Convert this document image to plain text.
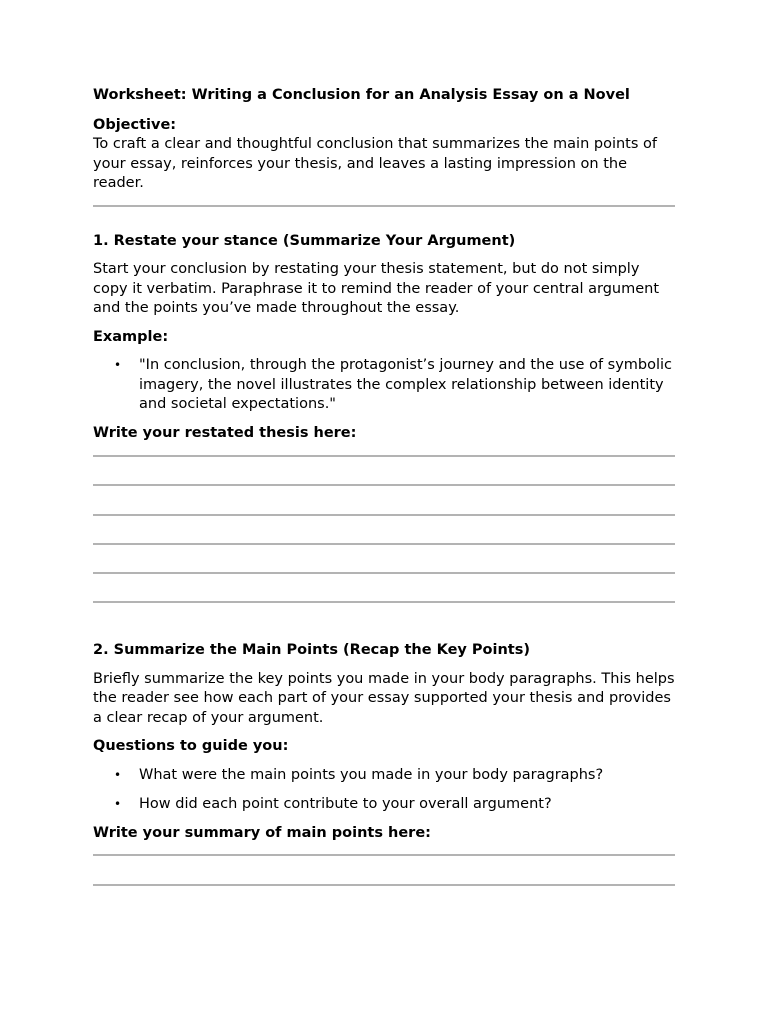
Worksheet: Writing a Conclusion for an Analysis Essay on a Novel

Objective:

To craft a clear and thoughtful conclusion that summarizes the main points of your essay, reinforces your thesis, and leaves a lasting impression on the reader.

1. Restate your stance (Summarize Your Argument)

Start your conclusion by restating your thesis statement, but do not simply copy it verbatim. Paraphrase it to remind the reader of your central argument and the points you’ve made throughout the essay.

Example:

• "In conclusion, through the protagonist’s journey and the use of symbolic imagery, the novel illustrates the complex relationship between identity and societal expectations."

Write your restated thesis here:

2. Summarize the Main Points (Recap the Key Points)

Briefly summarize the key points you made in your body paragraphs. This helps the reader see how each part of your essay supported your thesis and provides a clear recap of your argument.

Questions to guide you:

• What were the main points you made in your body paragraphs?
• How did each point contribute to your overall argument?

Write your summary of main points here:
